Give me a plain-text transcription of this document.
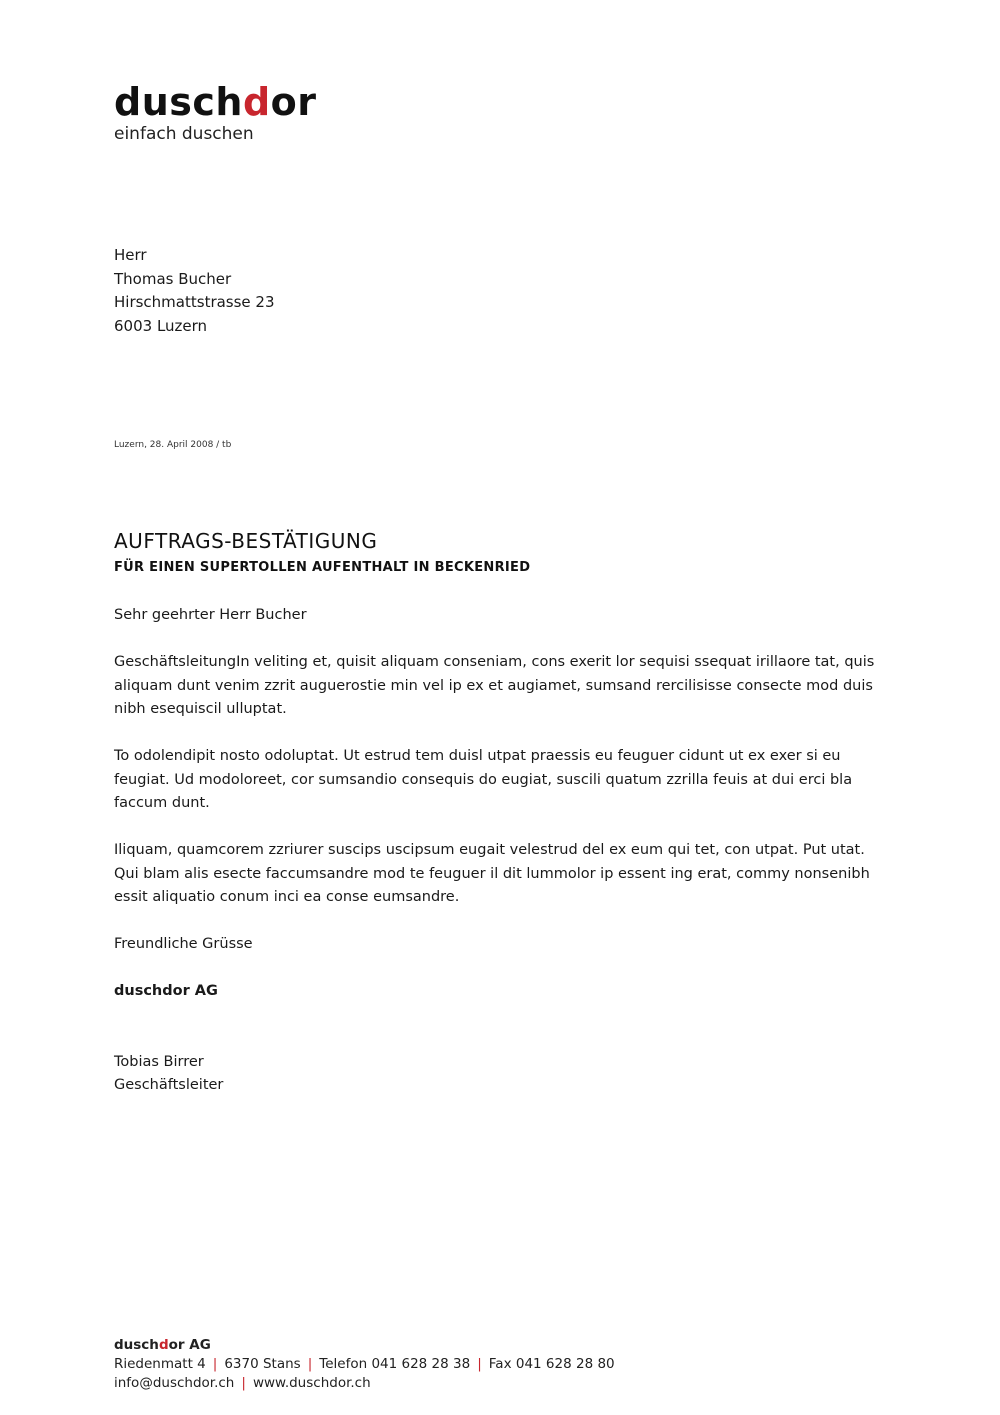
duschdor
einfach duschen
Herr
Thomas Bucher
Hirschmattstrasse 23
6003 Luzern
Luzern, 28. April 2008 / tb
AUFTRAGS-BESTÄTIGUNG
FÜR EINEN SUPERTOLLEN AUFENTHALT IN BECKENRIED

Sehr geehrter Herr Bucher

GeschäftsleitungIn veliting et, quisit aliquam conseniam, cons exerit lor sequisi ssequat irillaore tat, quis aliquam dunt venim zzrit auguerostie min vel ip ex et augiamet, sumsand rercilisisse consecte mod duis nibh esequiscil ulluptat.

To odolendipit nosto odoluptat. Ut estrud tem duisl utpat praessis eu feuguer cidunt ut ex exer si eu feugiat. Ud modoloreet, cor sumsandio consequis do eugiat, suscili quatum zzrilla feuis at dui erci bla faccum dunt.

Iliquam, quamcorem zzriurer suscips uscipsum eugait velestrud del ex eum qui tet, con utpat. Put utat. Qui blam alis esecte faccumsandre mod te feuguer il dit lummolor ip essent ing erat, commy nonsenibh essit aliquatio conum inci ea conse eumsandre.

Freundliche Grüsse

duschdor AG

Tobias Birrer
Geschäftsleiter
duschdor AG
Riedenmatt 4 | 6370 Stans | Telefon 041 628 28 38 | Fax 041 628 28 80
info@duschdor.ch | www.duschdor.ch
